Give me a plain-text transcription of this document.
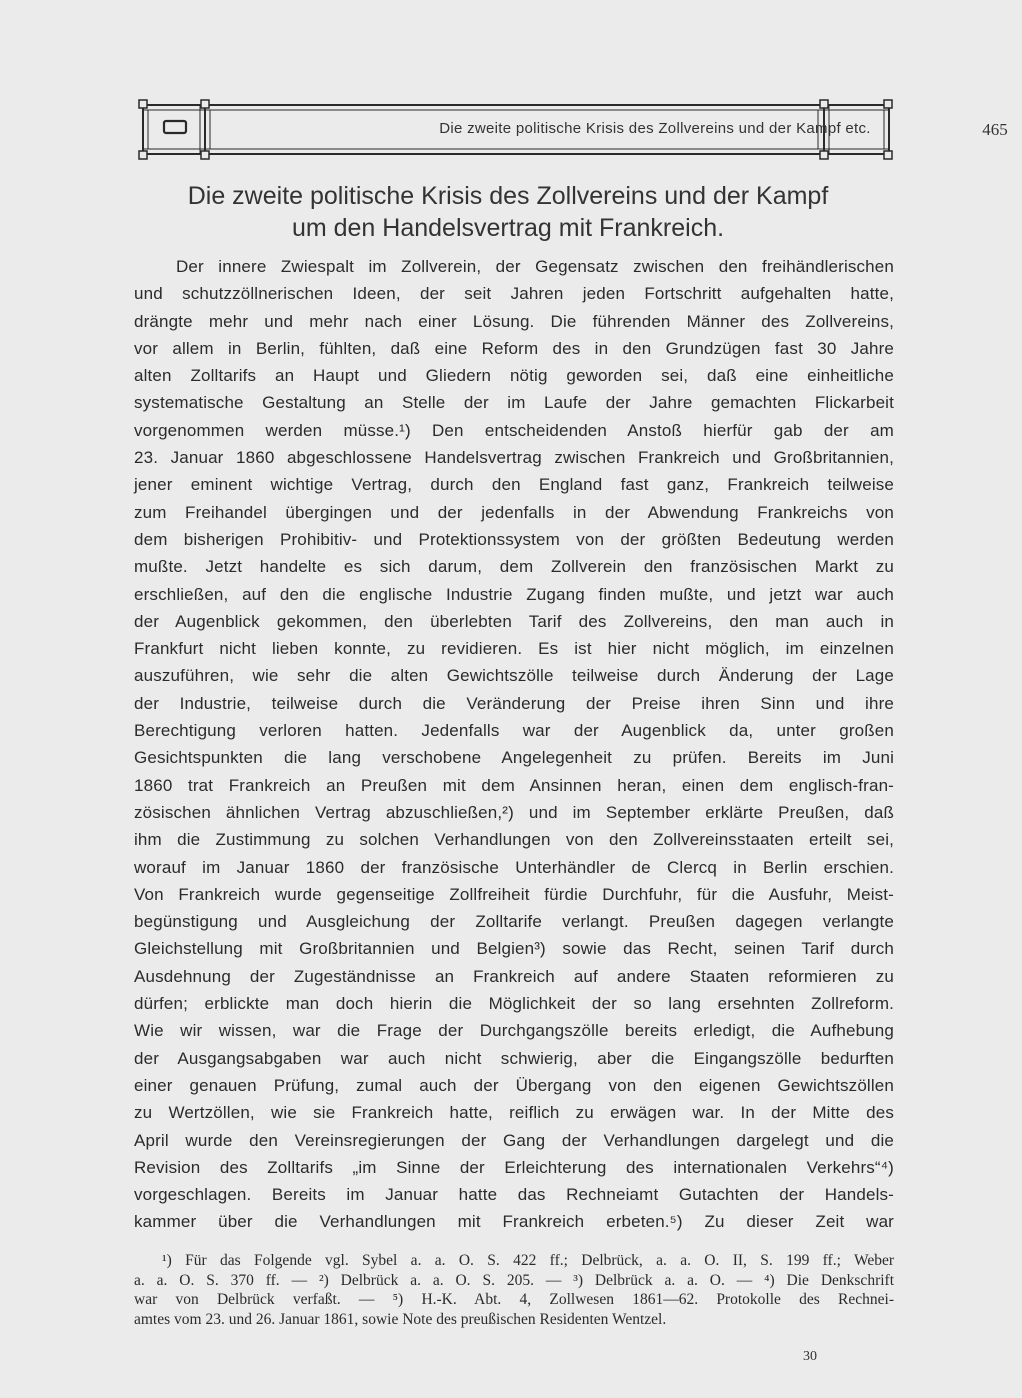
Die zweite politische Krisis des Zollvereins und der Kampf etc.	465
Die zweite politische Krisis des Zollvereins und der Kampf
um den Handelsvertrag mit Frankreich.
Der innere Zwiespalt im Zollverein, der Gegensatz zwischen den freihändlerischen
und schutzzöllnerischen Ideen, der seit Jahren jeden Fortschritt aufgehalten hatte,
drängte mehr und mehr nach einer Lösung. Die führenden Männer des Zollvereins,
vor allem in Berlin, fühlten, daß eine Reform des in den Grundzügen fast 30 Jahre
alten Zolltarifs an Haupt und Gliedern nötig geworden sei, daß eine einheitliche
systematische Gestaltung an Stelle der im Laufe der Jahre gemachten Flickarbeit
vorgenommen werden müsse.¹) Den entscheidenden Anstoß hierfür gab der am
23. Januar 1860 abgeschlossene Handelsvertrag zwischen Frankreich und Großbritannien,
jener eminent wichtige Vertrag, durch den England fast ganz, Frankreich teilweise
zum Freihandel übergingen und der jedenfalls in der Abwendung Frankreichs von
dem bisherigen Prohibitiv- und Protektionssystem von der größten Bedeutung werden
mußte. Jetzt handelte es sich darum, dem Zollverein den französischen Markt zu
erschließen, auf den die englische Industrie Zugang finden mußte, und jetzt war auch
der Augenblick gekommen, den überlebten Tarif des Zollvereins, den man auch in
Frankfurt nicht lieben konnte, zu revidieren. Es ist hier nicht möglich, im einzelnen
auszuführen, wie sehr die alten Gewichtszölle teilweise durch Änderung der Lage
der Industrie, teilweise durch die Veränderung der Preise ihren Sinn und ihre
Berechtigung verloren hatten. Jedenfalls war der Augenblick da, unter großen
Gesichtspunkten die lang verschobene Angelegenheit zu prüfen. Bereits im Juni
1860 trat Frankreich an Preußen mit dem Ansinnen heran, einen dem englisch-fran-
zösischen ähnlichen Vertrag abzuschließen,²) und im September erklärte Preußen, daß
ihm die Zustimmung zu solchen Verhandlungen von den Zollvereinsstaaten erteilt sei,
worauf im Januar 1860 der französische Unterhändler de Clercq in Berlin erschien.
Von Frankreich wurde gegenseitige Zollfreiheit fürdie Durchfuhr, für die Ausfuhr, Meist-
begünstigung und Ausgleichung der Zolltarife verlangt. Preußen dagegen verlangte
Gleichstellung mit Großbritannien und Belgien³) sowie das Recht, seinen Tarif durch
Ausdehnung der Zugeständnisse an Frankreich auf andere Staaten reformieren zu
dürfen; erblickte man doch hierin die Möglichkeit der so lang ersehnten Zollreform.
Wie wir wissen, war die Frage der Durchgangszölle bereits erledigt, die Aufhebung
der Ausgangsabgaben war auch nicht schwierig, aber die Eingangszölle bedurften
einer genauen Prüfung, zumal auch der Übergang von den eigenen Gewichtszöllen
zu Wertzöllen, wie sie Frankreich hatte, reiflich zu erwägen war. In der Mitte des
April wurde den Vereinsregierungen der Gang der Verhandlungen dargelegt und die
Revision des Zolltarifs „im Sinne der Erleichterung des internationalen Verkehrs“⁴)
vorgeschlagen. Bereits im Januar hatte das Rechneiamt Gutachten der Handels-
kammer über die Verhandlungen mit Frankreich erbeten.⁵) Zu dieser Zeit war
¹) Für das Folgende vgl. Sybel a. a. O. S. 422 ff.; Delbrück, a. a. O. II, S. 199 ff.; Weber
a. a. O. S. 370 ff. — ²) Delbrück a. a. O. S. 205. — ³) Delbrück a. a. O. — ⁴) Die Denkschrift
war von Delbrück verfaßt. — ⁵) H.-K. Abt. 4, Zollwesen 1861—62. Protokolle des Rechnei-
amtes vom 23. und 26. Januar 1861, sowie Note des preußischen Residenten Wentzel.
30
